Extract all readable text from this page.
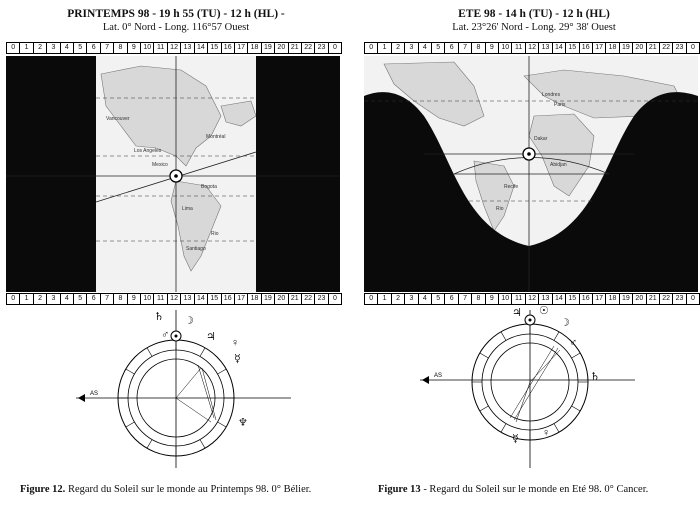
PRINTEMPS 98 - 19 h 55 (TU) - 12 h (HL) -
Lat. 0° Nord - Long. 116°57 Ouest
0	1	2	3	4	5	6	7	8	9	10 11 12 13 14 15 16 17 18 19 20 21 22 23	0
Vancouver
Montréal
Los Angeles
Mexico
Bogota
Lima
Santiago
Rio
0	1	2	3	4	5	6	7	8	9	10 11 12 13 14 15 16 17 18 19 20 21 22 23	0
AS
♄
♂
☽
♃ ♀
☿
♆
Figure 12. Regard du Soleil sur le monde au Printemps 98. 0° Bélier.
ETE 98 - 14 h (TU) - 12 h (HL)
Lat. 23°26' Nord - Long. 29° 38' Ouest
0	1	2	3	4	5	6	7	8	9	10 11 12 13 14 15 16 17 18 19 20 21 22 23	0
Londres
Paris
Dakar
Abidjan
Recife
Rio
0	1	2	3	4	5	6	7	8	9	10 11 12 13 14 15 16 17 18 19 20 21 22 23	0
AS
♃ ☉
☽
♂
♄
♀
☿
Figure 13 - Regard du Soleil sur le monde en Eté 98. 0° Cancer.
